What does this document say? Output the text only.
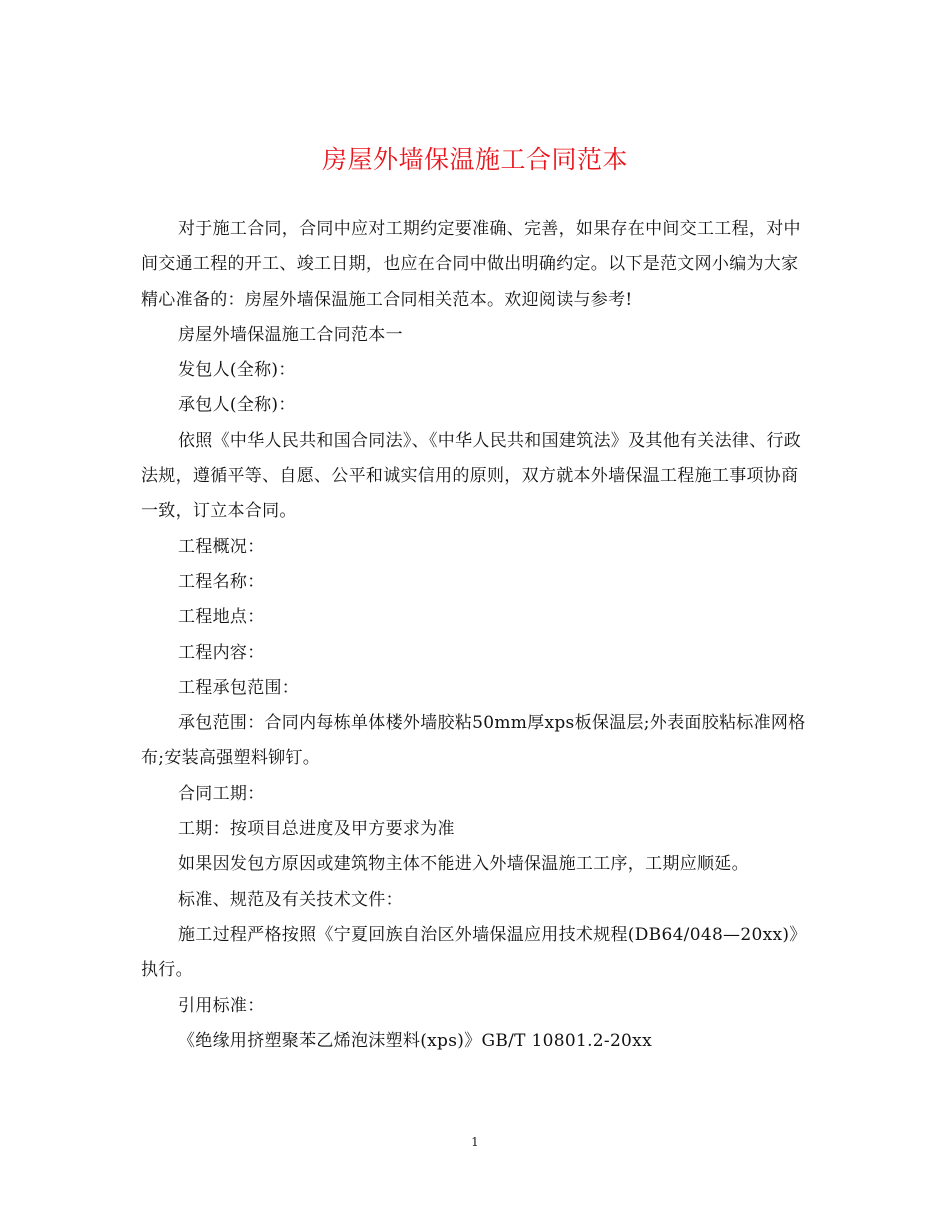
房屋外墙保温施工合同范本

对于施工合同，合同中应对工期约定要准确、完善，如果存在中间交工工程，对中间交通工程的开工、竣工日期，也应在合同中做出明确约定。以下是范文网小编为大家精心准备的：房屋外墙保温施工合同相关范本。欢迎阅读与参考!

房屋外墙保温施工合同范本一

发包人(全称)：

承包人(全称)：

依照《中华人民共和国合同法》、《中华人民共和国建筑法》及其他有关法律、行政法规，遵循平等、自愿、公平和诚实信用的原则，双方就本外墙保温工程施工事项协商一致，订立本合同。

工程概况：

工程名称：

工程地点：

工程内容：

工程承包范围：

承包范围：合同内每栋单体楼外墙胶粘50mm厚xps板保温层;外表面胶粘标准网格布;安装高强塑料铆钉。

合同工期：

工期：按项目总进度及甲方要求为准

如果因发包方原因或建筑物主体不能进入外墙保温施工工序，工期应顺延。

标准、规范及有关技术文件：

施工过程严格按照《宁夏回族自治区外墙保温应用技术规程(DB64/048—20xx)》执行。

引用标准：

《绝缘用挤塑聚苯乙烯泡沫塑料(xps)》GB/T 10801.2-20xx

1
